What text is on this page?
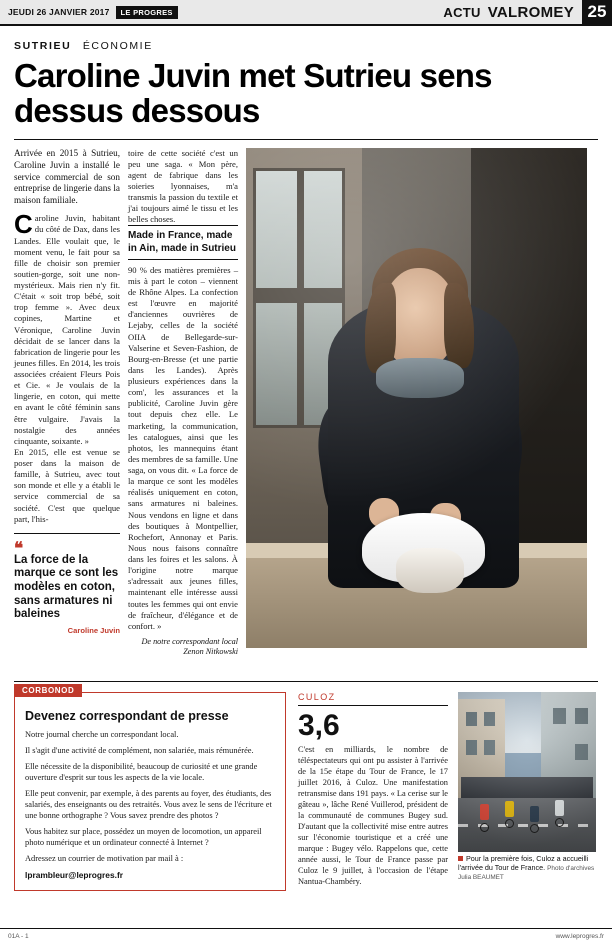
JEUDI 26 JANVIER 2017	LE PROGRES	ACTU VALROMEY 25
SUTRIEU ÉCONOMIE
Caroline Juvin met Sutrieu sens dessus dessous
Arrivée en 2015 à Sutrieu, Caroline Juvin a installé le service commercial de son entreprise de lingerie dans la maison familiale.

Caroline Juvin, habitant du côté de Dax, dans les Landes. Elle voulait que, le moment venu, le fait pour sa fille de choisir son premier soutien-gorge, soit une non-mystérieux. Mais rien n'y fit. C'était « soit trop bébé, soit trop femme ». Avec deux copines, Martine et Véronique, Caroline Juvin décidait de se lancer dans la fabrication de lingerie pour les jeunes filles. En 2014, les trois associées créaient Fleurs Pois et Cie. « Je voulais de la lingerie, en coton, qui mette en avant le côté féminin sans être vulgaire. J'avais la nostalgie des années cinquante, soixante. »

En 2015, elle est venue se poser dans la maison de famille, à Sutrieu, avec tout son monde et elle y a établi le service commercial de sa société. C'est que quelque part, l'his-

❝
La force de la marque ce sont les modèles en coton, sans armatures ni baleines
Caroline Juvin

toire de cette société c'est un peu une saga. « Mon père, agent de fabrique dans les soieries lyonnaises, m'a transmis la passion du textile et j'ai toujours aimé le tissu et les belles choses.

Made in France, made in Ain, made in Sutrieu

90 % des matières premières – mis à part le coton – viennent de Rhône Alpes. La confection est l'œuvre en majorité d'anciennes ouvrières de Lejaby, celles de la société OIIA de Bellegarde-sur-Valserine et Seven-Fashion, de Bourg-en-Bresse (et une partie dans les Landes). Après plusieurs expériences dans la com', les assurances et la publicité, Caroline Juvin gère tout depuis chez elle. Le marketing, la communication, les catalogues, ainsi que les photos, les mannequins étant des membres de sa famille. Une saga, on vous dit. « La force de la marque ce sont les modèles réalisés uniquement en coton, sans armatures ni baleines. Nous vendons en ligne et dans des boutiques à Montpellier, Rochefort, Annonay et Paris. Nous nous faisons connaître dans les foires et les salons. À l'origine notre marque s'adressait aux jeunes filles, maintenant elle intéresse aussi toutes les femmes qui ont envie de fraîcheur, d'élégance et de confort. »

De notre correspondant local Zenon Nitkowski
CORBONOD
Devenez correspondant de presse

Notre journal cherche un correspondant local.

Il s'agit d'une activité de complément, non salariée, mais rémunérée.

Elle nécessite de la disponibilité, beaucoup de curiosité et une grande ouverture d'esprit sur tous les aspects de la vie locale.

Elle peut convenir, par exemple, à des parents au foyer, des étudiants, des salariés, des enseignants ou des retraités. Vous avez le sens de l'écriture et une bonne orthographe ? Vous savez prendre des photos ?

Vous habitez sur place, possédez un moyen de locomotion, un appareil photo numérique et un ordinateur connecté à Internet ?

Adressez un courrier de motivation par mail à :

lprambleur@leprogres.fr
CULOZ
3,6
C'est en milliards, le nombre de téléspectateurs qui ont pu assister à l'arrivée de la 15e étape du Tour de France, le 17 juillet 2016, à Culoz. Une manifestation retransmise dans 191 pays. « La cerise sur le gâteau », lâche René Vuillerod, président de la communauté de communes Bugey sud. D'autant que la collectivité mise entre autres sur l'économie touristique et a créé une marque : Bugey vélo. Rappelons que, cette année aussi, le Tour de France passe par Culoz le 9 juillet, à l'occasion de l'étape Nantua-Chambéry.
Pour la première fois, Culoz a accueilli l'arrivée du Tour de France. Photo d'archives Julia BEAUMET
01A - 1	www.leprogres.fr
